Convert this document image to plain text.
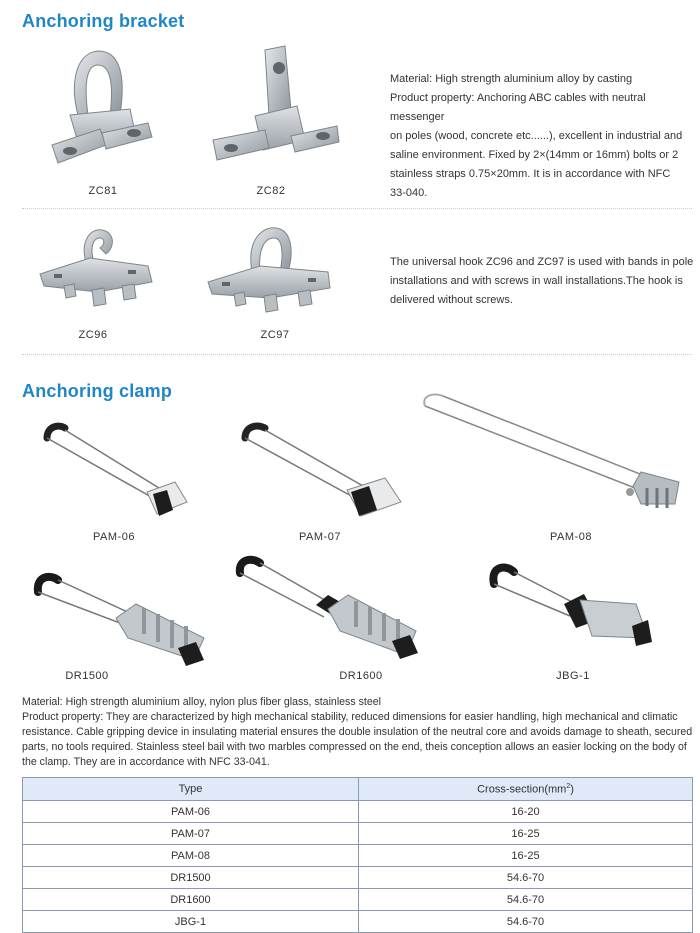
Anchoring bracket
ZC81	ZC82
Material: High strength aluminium alloy by casting
Product property: Anchoring ABC cables with neutral messenger
on poles (wood, concrete etc......), excellent in industrial and
saline environment. Fixed by 2×(14mm or 16mm) bolts or 2
stainless straps 0.75×20mm. It is in accordance with NFC
33-040.
ZC96	ZC97
The universal hook ZC96 and ZC97 is used with bands in pole
installations and with screws in wall installations.The hook is
delivered without screws.
Anchoring clamp
PAM-06	PAM-07	PAM-08
DR1500	DR1600	JBG-1
Material: High strength aluminium alloy, nylon plus fiber glass, stainless steel
Product property: They are characterized by high mechanical stability, reduced dimensions for easier handling, high mechanical and climatic resistance. Cable gripping device in insulating material ensures the double insulation of the neutral core and avoids damage to sheath, secured parts, no tools required. Stainless steel bail with two marbles compressed on the end, theis conception allows an easier locking on the body of the clamp. They are in accordance with NFC 33-041.
Type	Cross-$section(mm^2)$
PAM-06	16-20
PAM-07	16-25
PAM-08	16-25
DR1500	54.6-70
DR1600	54.6-70
JBG-1	54.6-70
